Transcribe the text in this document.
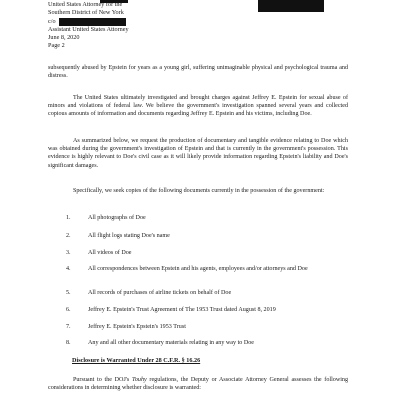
United States Attorney for the
Southern District of New York
c/o
Assistant United States Attorney
June 8, 2020
Page 2
subsequently abused by Epstein for years as a young girl, suffering unimaginable physical and psychological trauma and distress.
The United States ultimately investigated and brought charges against Jeffrey E. Epstein for sexual abuse of minors and violations of federal law. We believe the government's investigation spanned several years and collected copious amounts of information and documents regarding Jeffrey E. Epstein and his victims, including Doe.
As summarized below, we request the production of documentary and tangible evidence relating to Doe which was obtained during the government's investigation of Epstein and that is currently in the government's possession. This evidence is highly relevant to Doe's civil case as it will likely provide information regarding Epstein's liability and Doe's significant damages.
Specifically, we seek copies of the following documents currently in the possession of the government:
1.	All photographs of Doe
2.	All flight logs stating Doe's name
3.	All videos of Doe
4.	All correspondences between Epstein and his agents, employees and/or attorneys and Doe
5.	All records of purchases of airline tickets on behalf of Doe
6.	Jeffrey E. Epstein's Trust Agreement of The 1953 Trust dated August 8, 2019
7.	Jeffrey E. Epstein's Epstein's 1953 Trust
8.	Any and all other documentary materials relating in any way to Doe
Disclosure is Warranted Under 28 C.F.R. § 16.26
Pursuant to the DOJ's Touhy regulations, the Deputy or Associate Attorney General assesses the following considerations in determining whether disclosure is warranted:
